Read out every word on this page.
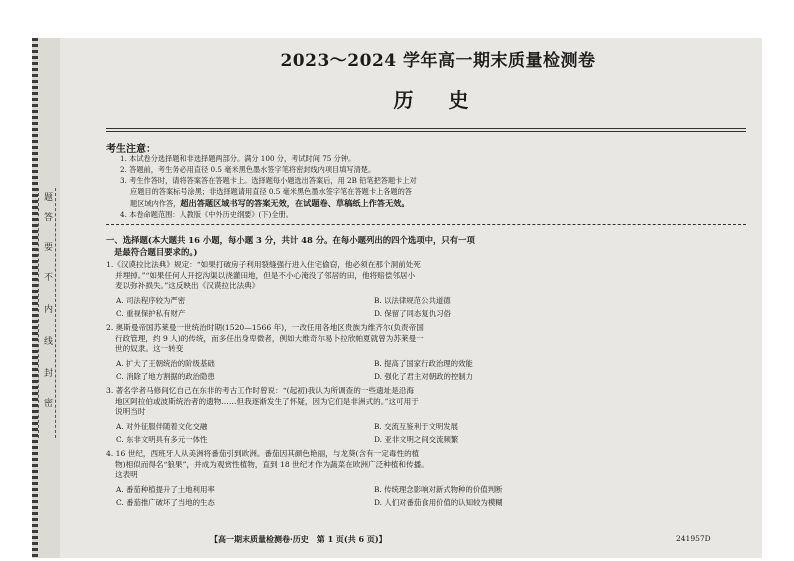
密
封
线
内
不
要
答
题
2023～2024 学年高一期末质量检测卷
历 史
考生注意：
1. 本试卷分选择题和非选择题两部分。满分 100 分，考试时间 75 分钟。
2. 答题前，考生务必用直径 0.5 毫米黑色墨水签字笔将密封线内项目填写清楚。
3. 考生作答时，请将答案答在答题卡上。选择题每小题选出答案后，用 2B 铅笔把答题卡上对
应题目的答案标号涂黑；非选择题请用直径 0.5 毫米黑色墨水签字笔在答题卡上各题的答
题区域内作答，超出答题区域书写的答案无效，在试题卷、草稿纸上作答无效。
4. 本卷命题范围：人教版《中外历史纲要》(下)全册。
一、选择题(本大题共 16 小题，每小题 3 分，共计 48 分。在每小题列出的四个选项中，只有一项
是最符合题目要求的。)
1.《汉谟拉比法典》规定：“如果打破房子利用裂缝强行进入住宅偷窃，他必须在那个洞前处死
并埋掉。”“如果任何人开挖沟渠以浇灌田地，但是不小心淹没了邻居的田，他将赔偿邻居小
麦以弥补损失。”这反映出《汉谟拉比法典》
A. 司法程序较为严密	B. 以法律规范公共道德
C. 重视保护私有财产	D. 保留了同态复仇习俗
2. 奥斯曼帝国苏莱曼一世统治时期(1520—1566 年)，一改任用各地区贵族为维齐尔(负责帝国
行政管理，约 9 人)的传统，而多任出身卑微者，例如大维奇尔易卜拉欣帕夏就曾为苏莱曼一
世的奴隶。这一转变
A. 扩大了王朝统治的阶级基础	B. 提高了国家行政治理的效能
C. 消除了地方割据的政治隐患	D. 强化了君主对朝政的控制力
3. 著名学者马修间忆自己在东非的考古工作时曾说：“(起初)我认为所调查的一些遗址是沿海
地区阿拉伯或波斯统治者的遗物……但我逐渐发生了怀疑，因为它们是非洲式的。”这可用于
说明当时
A. 对外征服伴随着文化交融	B. 交流互鉴利于文明发展
C. 东非文明具有多元一体性	D. 亚非文明之间交流频繁
4. 16 世纪，西班牙人从美洲将番茄引到欧洲。番茄因其颜色艳丽，与龙葵(含有一定毒性的植
物)相似而得名“狼果”，并成为观赏性植物，直到 18 世纪才作为蔬菜在欧洲广泛种植和传播。
这表明
A. 番茄种植提升了土地利用率	B. 传统理念影响对新式物种的价值判断
C. 番茄推广破坏了当地的生态	D. 人们对番茄食用价值的认知较为模糊
【高一期末质量检测卷·历史　第 1 页(共 6 页)】	241957D
